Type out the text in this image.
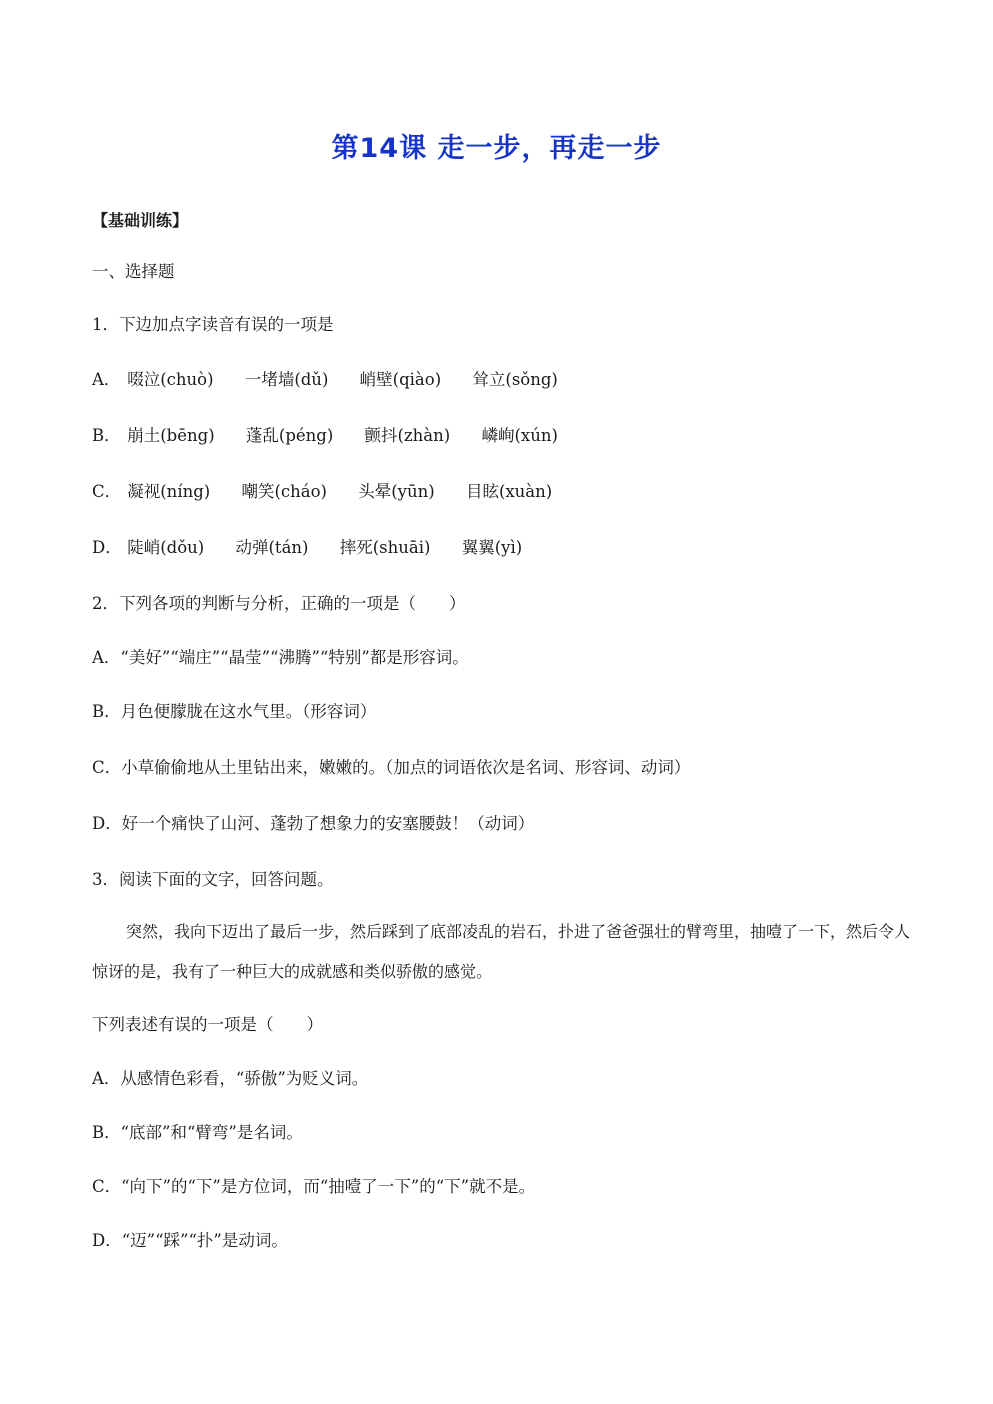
第14课 走一步，再走一步
【基础训练】
一、选择题
1．下边加点字读音有误的一项是
A． 啜泣(chuò) 一堵墙(dǔ) 峭壁(qiào) 耸立(sǒng)
B． 崩土(bēng) 蓬乱(péng) 颤抖(zhàn) 嶙峋(xún)
C． 凝视(níng) 嘲笑(cháo) 头晕(yūn) 目眩(xuàn)
D． 陡峭(dǒu) 动弹(tán) 摔死(shuāi) 翼翼(yì)
2．下列各项的判断与分析，正确的一项是（　　）
A．“美好”“端庄”“晶莹”“沸腾”“特别”都是形容词。
B．月色便朦胧在这水气里。（形容词）
C．小草偷偷地从土里钻出来，嫩嫩的。（加点的词语依次是名词、形容词、动词）
D．好一个痛快了山河、蓬勃了想象力的安塞腰鼓！（动词）
3．阅读下面的文字，回答问题。
突然，我向下迈出了最后一步，然后踩到了底部凌乱的岩石，扑进了爸爸强壮的臂弯里，抽噎了一下，然后令人惊讶的是，我有了一种巨大的成就感和类似骄傲的感觉。
下列表述有误的一项是（　　）
A．从感情色彩看，“骄傲”为贬义词。
B．“底部”和“臂弯”是名词。
C．“向下”的“下”是方位词，而“抽噎了一下”的“下”就不是。
D．“迈”“踩”“扑”是动词。
